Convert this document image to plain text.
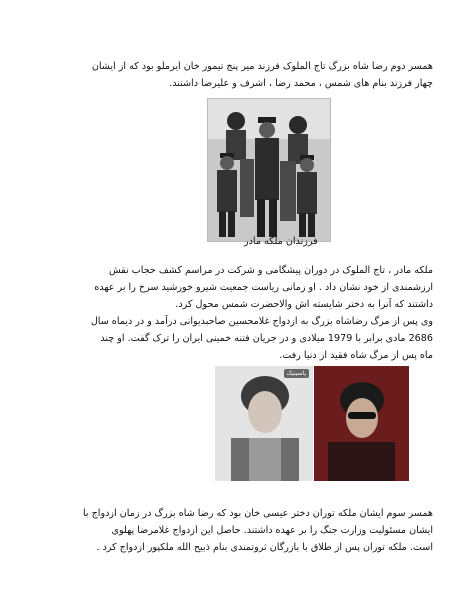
همسر دوم رضا شاه بزرگ تاج الملوک فرزند میر پنج تیمور خان ایرملو بود که از ایشان
چهار فرزند بنام های شمس ، محمد رضا ، اشرف و علیرضا داشتند.

فرزندان ملکه مادر

ملکه مادر ، تاج الملوک در دوران پیشگامی و شرکت در مراسم کشف حجاب نقش
ارزشمندی از خود نشان داد . او زمانی ریاست جمعیت شیرو خورشید سرخ را بر عهده
داشتند که آنرا به دختر شایسته اش والاحضرت شمس محول کرد.
وی پس از مرگ رضاشاه بزرگ به ازدواج غلامحسین صاحبدیوانی درآمد و در دیماه سال
2686 مادی برابر با 1979 میلادی و در جریان فتنه خمینی ایران را ترک گفت. او چند
ماه پس از مرگ شاه فقید از دنیا رفت.

پاسینیک

همسر سوم ایشان ملکه توران دختر عیسی خان بود که رضا شاه بزرگ در زمان ازدواج با
ایشان مسئولیت وزارت جنگ را بر عهده داشتند. حاصل این ازدواج غلامرضا پهلوی
است. ملکه توران پس از طلاق با بازرگان ثروتمندی بنام ذبیح الله ملکپور ازدواج کرد .
